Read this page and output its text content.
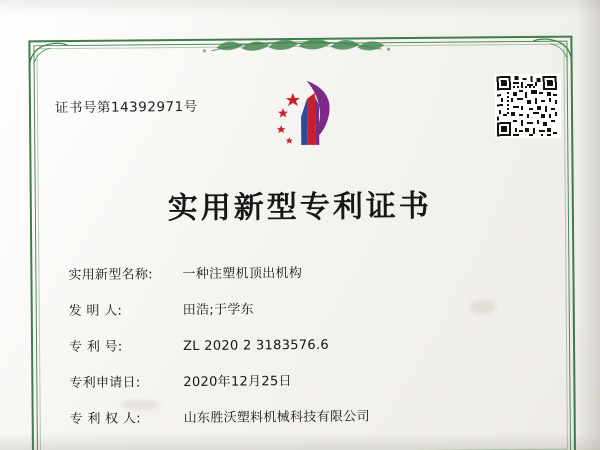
证书号第14392971号
实用新型专利证书
实用新型名称:	一种注塑机顶出机构
发 明 人:	田浩;于学东
专 利 号:	ZL 2020 2 3183576.6
专利申请日:	2020年12月25日
专 利 权 人:	山东胜沃塑料机械科技有限公司
